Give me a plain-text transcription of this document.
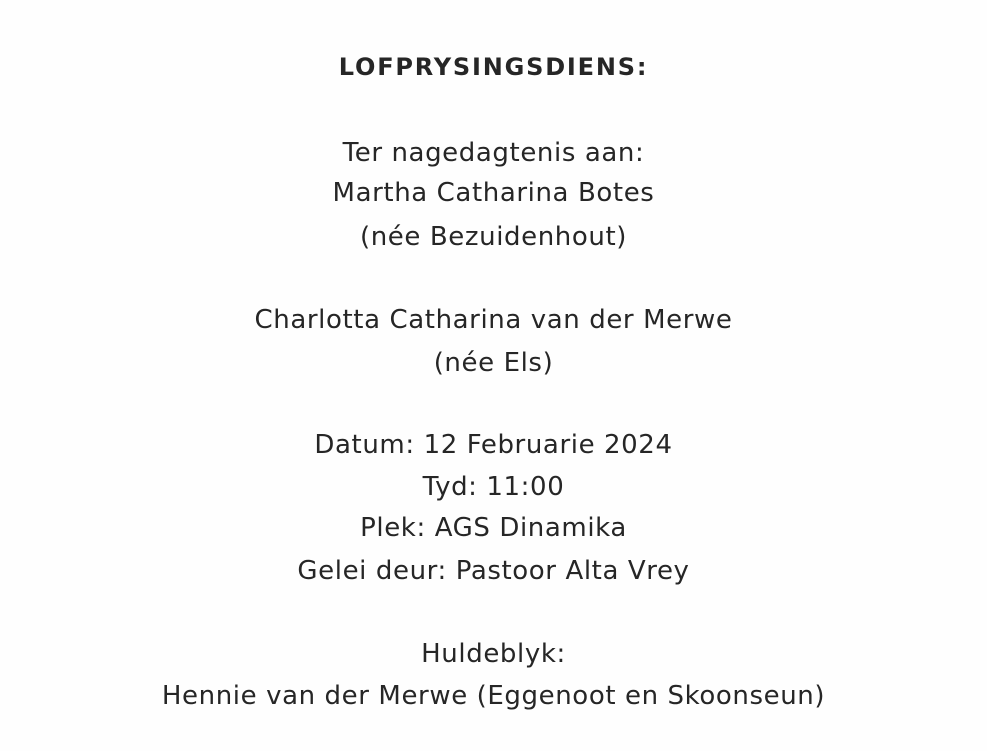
LOFPRYSINGSDIENS:
Ter nagedagtenis aan:
Martha Catharina Botes
(née Bezuidenhout)
Charlotta Catharina van der Merwe
(née Els)
Datum: 12 Februarie 2024
Tyd: 11:00
Plek: AGS Dinamika
Gelei deur: Pastoor Alta Vrey
Huldeblyk:
Hennie van der Merwe (Eggenoot en Skoonseun)
